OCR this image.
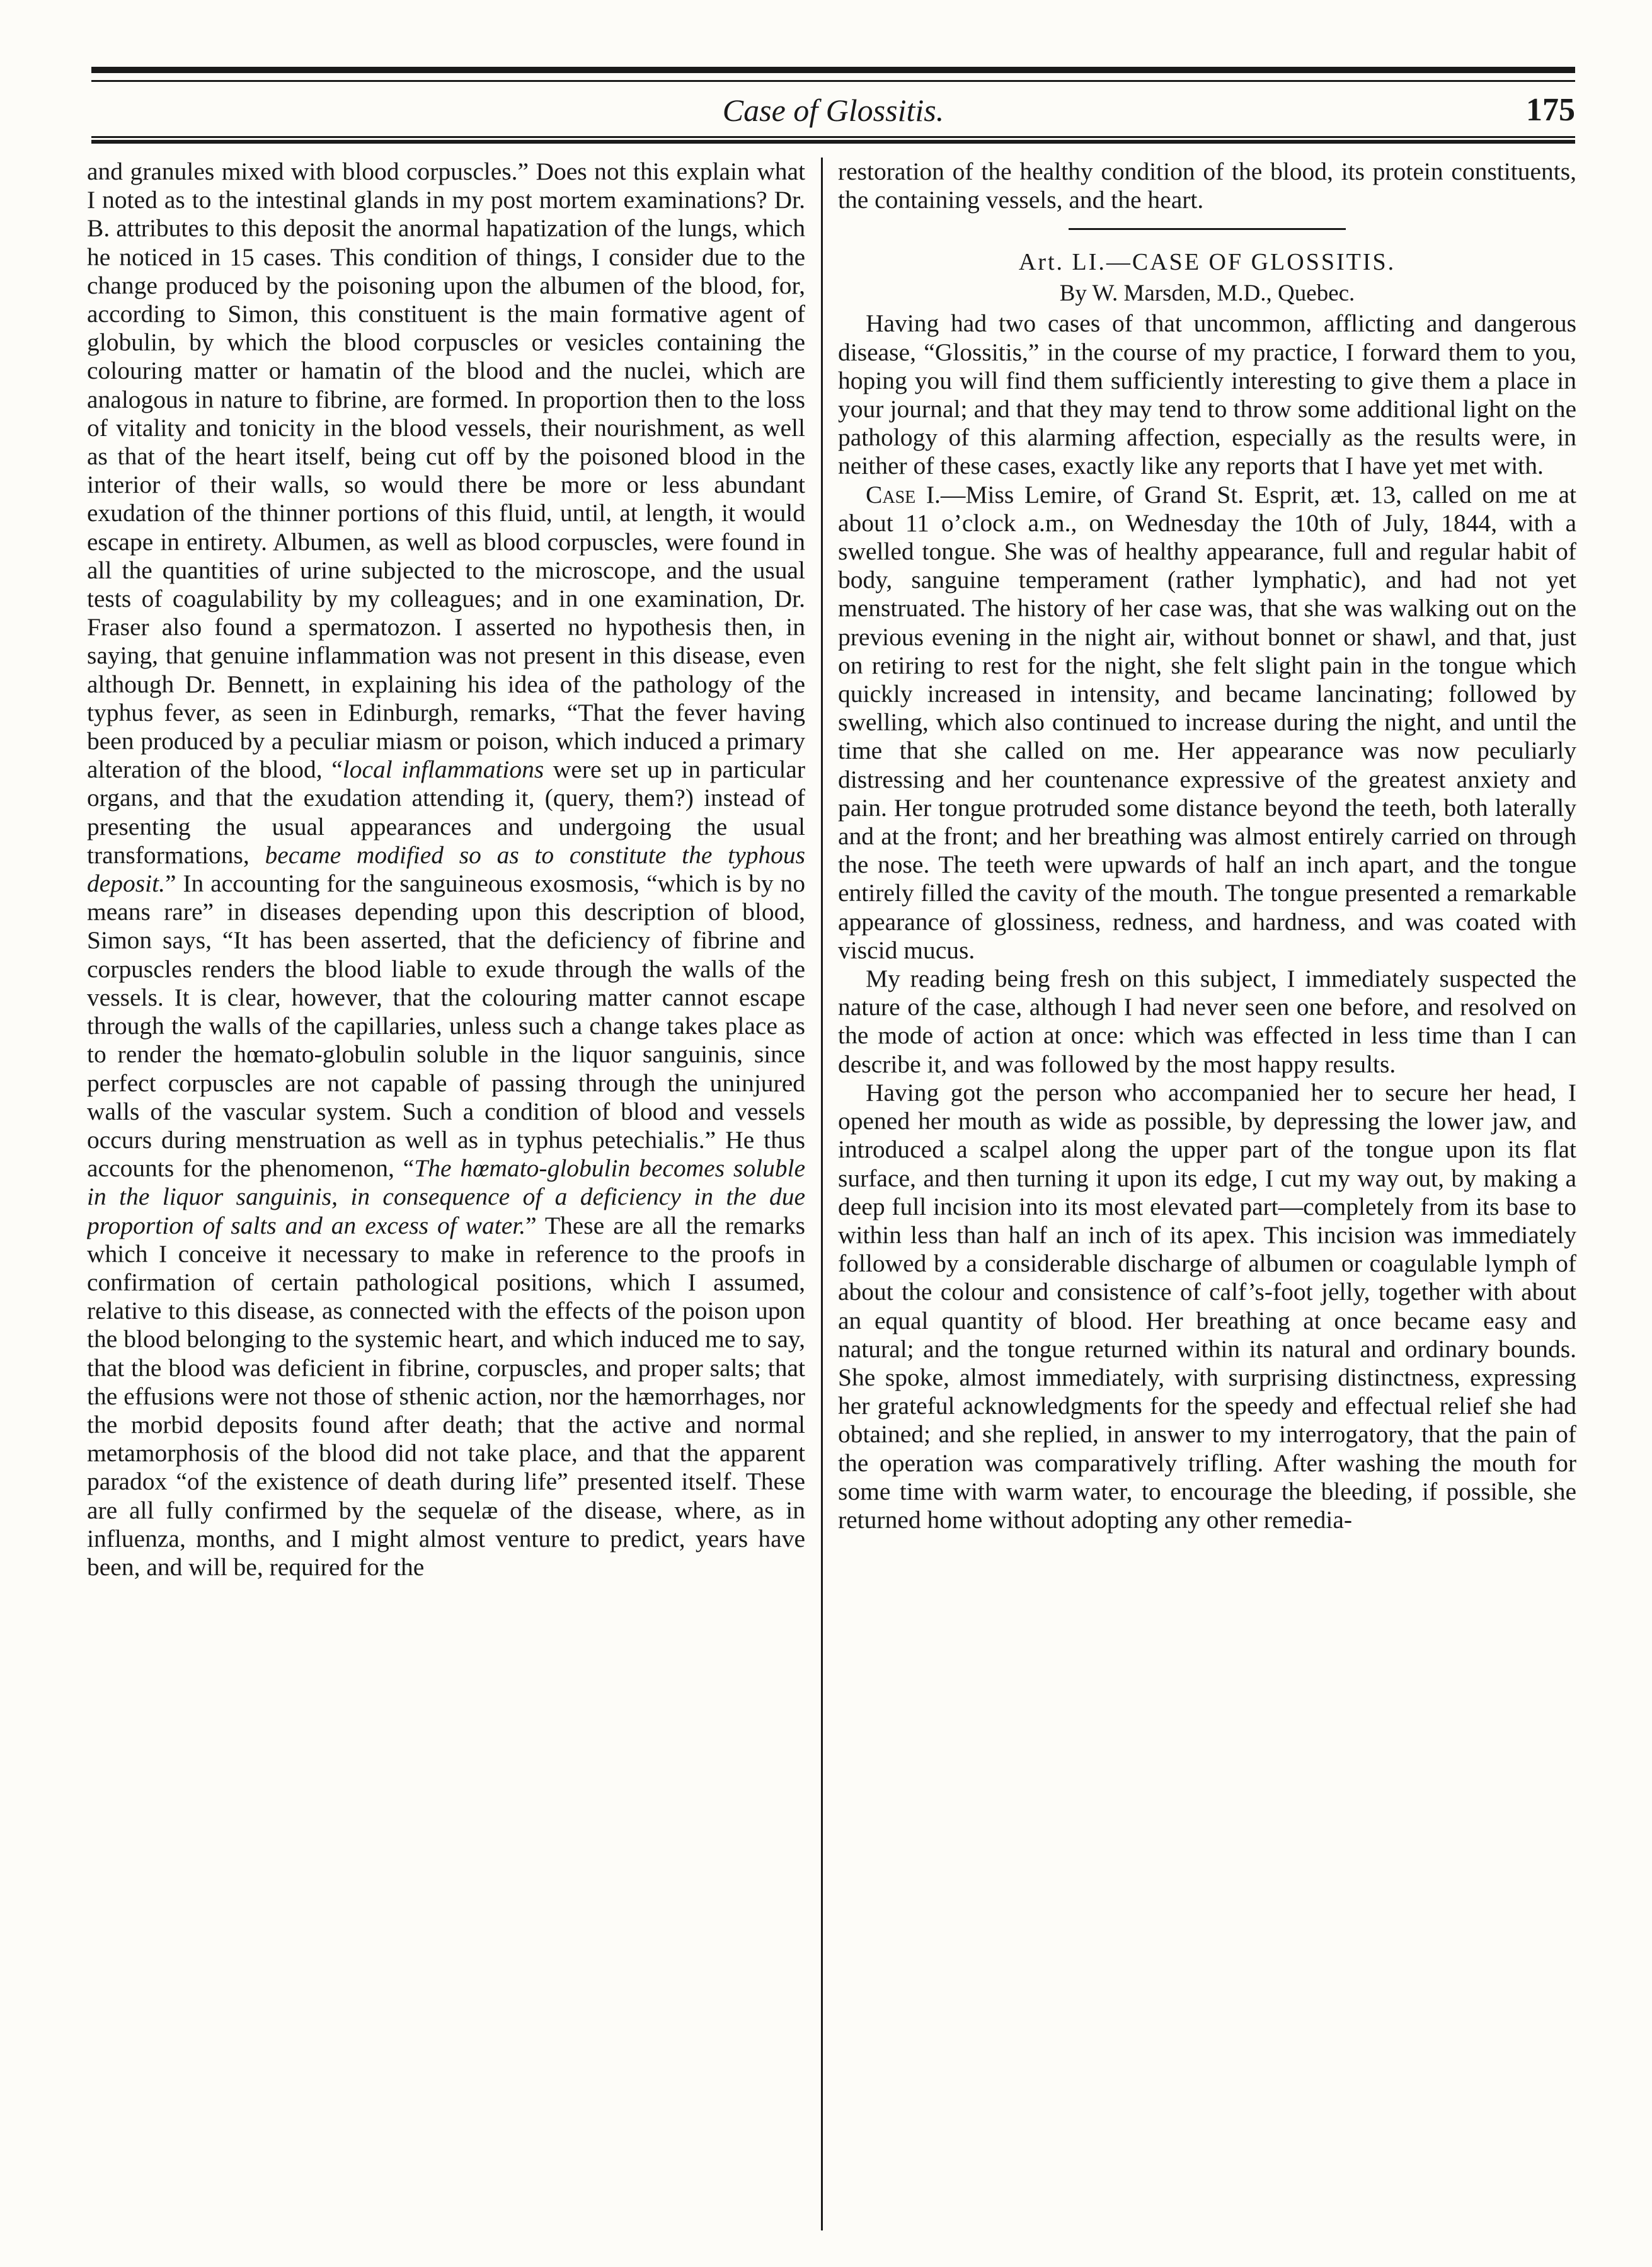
Case of Glossitis.	175

and granules mixed with blood corpuscles.” Does not this explain what I noted as to the intestinal glands in my post mortem examinations? Dr. B. attributes to this deposit the anormal hapatization of the lungs, which he noticed in 15 cases. This condition of things, I consider due to the change produced by the poisoning upon the albumen of the blood, for, according to Simon, this constituent is the main formative agent of globulin, by which the blood corpuscles or vesicles containing the colouring matter or hamatin of the blood and the nuclei, which are analogous in nature to fibrine, are formed. In proportion then to the loss of vitality and tonicity in the blood vessels, their nourishment, as well as that of the heart itself, being cut off by the poisoned blood in the interior of their walls, so would there be more or less abundant exudation of the thinner portions of this fluid, until, at length, it would escape in entirety. Albumen, as well as blood corpuscles, were found in all the quantities of urine subjected to the microscope, and the usual tests of coagulability by my colleagues; and in one examination, Dr. Fraser also found a spermatozon. I asserted no hypothesis then, in saying, that genuine inflammation was not present in this disease, even although Dr. Bennett, in explaining his idea of the pathology of the typhus fever, as seen in Edinburgh, remarks, “That the fever having been produced by a peculiar miasm or poison, which induced a primary alteration of the blood, “local inflammations were set up in particular organs, and that the exudation attending it, (query, them?) instead of presenting the usual appearances and undergoing the usual transformations, became modified so as to constitute the typhous deposit.” In accounting for the sanguineous exosmosis, “which is by no means rare” in diseases depending upon this description of blood, Simon says, “It has been asserted, that the deficiency of fibrine and corpuscles renders the blood liable to exude through the walls of the vessels. It is clear, however, that the colouring matter cannot escape through the walls of the capillaries, unless such a change takes place as to render the hœmato-globulin soluble in the liquor sanguinis, since perfect corpuscles are not capable of passing through the uninjured walls of the vascular system. Such a condition of blood and vessels occurs during menstruation as well as in typhus petechialis.” He thus accounts for the phenomenon, “The hœmato-globulin becomes soluble in the liquor sanguinis, in consequence of a deficiency in the due proportion of salts and an excess of water.” These are all the remarks which I conceive it necessary to make in reference to the proofs in confirmation of certain pathological positions, which I assumed, relative to this disease, as connected with the effects of the poison upon the blood belonging to the systemic heart, and which induced me to say, that the blood was deficient in fibrine, corpuscles, and proper salts; that the effusions were not those of sthenic action, nor the hæmorrhages, nor the morbid deposits found after death; that the active and normal metamorphosis of the blood did not take place, and that the apparent paradox “of the existence of death during life” presented itself. These are all fully confirmed by the sequelæ of the disease, where, as in influenza, months, and I might almost venture to predict, years have been, and will be, required for the

restoration of the healthy condition of the blood, its protein constituents, the containing vessels, and the heart.

Art. LI.—CASE OF GLOSSITIS.

By W. Marsden, M.D., Quebec.

Having had two cases of that uncommon, afflicting and dangerous disease, “Glossitis,” in the course of my practice, I forward them to you, hoping you will find them sufficiently interesting to give them a place in your journal; and that they may tend to throw some additional light on the pathology of this alarming affection, especially as the results were, in neither of these cases, exactly like any reports that I have yet met with.

Case I.—Miss Lemire, of Grand St. Esprit, æt. 13, called on me at about 11 o’clock a.m., on Wednesday the 10th of July, 1844, with a swelled tongue. She was of healthy appearance, full and regular habit of body, sanguine temperament (rather lymphatic), and had not yet menstruated. The history of her case was, that she was walking out on the previous evening in the night air, without bonnet or shawl, and that, just on retiring to rest for the night, she felt slight pain in the tongue which quickly increased in intensity, and became lancinating; followed by swelling, which also continued to increase during the night, and until the time that she called on me. Her appearance was now peculiarly distressing and her countenance expressive of the greatest anxiety and pain. Her tongue protruded some distance beyond the teeth, both laterally and at the front; and her breathing was almost entirely carried on through the nose. The teeth were upwards of half an inch apart, and the tongue entirely filled the cavity of the mouth. The tongue presented a remarkable appearance of glossiness, redness, and hardness, and was coated with viscid mucus.

My reading being fresh on this subject, I immediately suspected the nature of the case, although I had never seen one before, and resolved on the mode of action at once: which was effected in less time than I can describe it, and was followed by the most happy results.

Having got the person who accompanied her to secure her head, I opened her mouth as wide as possible, by depressing the lower jaw, and introduced a scalpel along the upper part of the tongue upon its flat surface, and then turning it upon its edge, I cut my way out, by making a deep full incision into its most elevated part—completely from its base to within less than half an inch of its apex. This incision was immediately followed by a considerable discharge of albumen or coagulable lymph of about the colour and consistence of calf’s-foot jelly, together with about an equal quantity of blood. Her breathing at once became easy and natural; and the tongue returned within its natural and ordinary bounds. She spoke, almost immediately, with surprising distinctness, expressing her grateful acknowledgments for the speedy and effectual relief she had obtained; and she replied, in answer to my interrogatory, that the pain of the operation was comparatively trifling. After washing the mouth for some time with warm water, to encourage the bleeding, if possible, she returned home without adopting any other remedia-
